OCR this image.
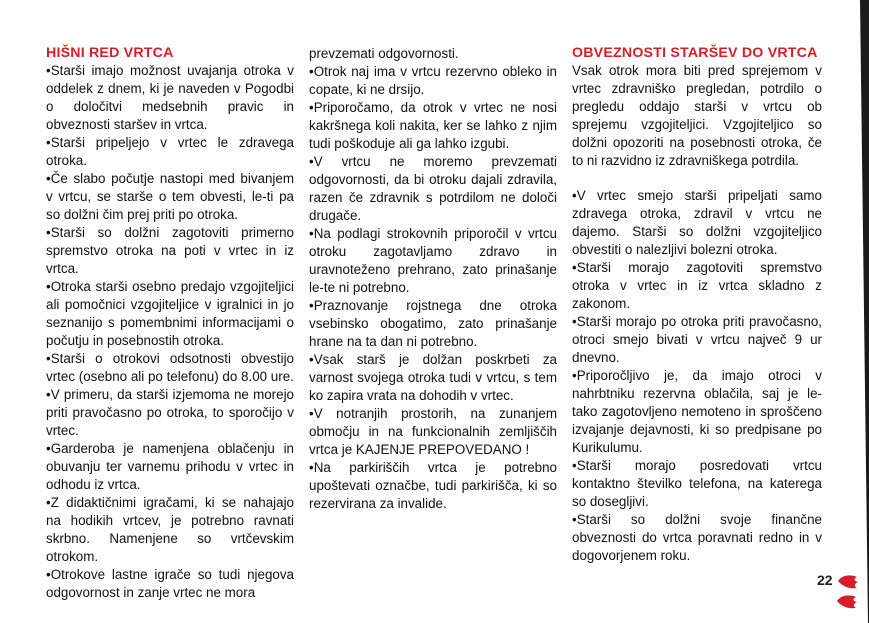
HIŠNI RED VRTCA

•Starši imajo možnost uvajanja otroka v oddelek z dnem, ki je naveden v Pogodbi o določitvi medsebnih pravic in obveznosti staršev in vrtca.

•Starši pripeljejo v vrtec le zdravega otroka.

•Če slabo počutje nastopi med bivanjem v vrtcu, se starše o tem obvesti, le-ti pa so dolžni čim prej priti po otroka.

•Starši so dolžni zagotoviti primerno spremstvo otroka na poti v vrtec in iz vrtca.

•Otroka starši osebno predajo vzgojiteljici ali pomočnici vzgojiteljice v igralnici in jo seznanijo s pomembnimi informacijami o počutju in posebnostih otroka.

•Starši o otrokovi odsotnosti obvestijo vrtec (osebno ali po telefonu) do 8.00 ure.

•V primeru, da starši izjemoma ne morejo priti pravočasno po otroka, to sporočijo v vrtec.

•Garderoba je namenjena oblačenju in obuvanju ter varnemu prihodu v vrtec in odhodu iz vrtca.

•Z didaktičnimi igračami, ki se nahajajo na hodikih vrtcev, je potrebno ravnati skrbno. Namenjene so vrtčevskim otrokom.

•Otrokove lastne igrače so tudi njegova odgovornost in zanje vrtec ne mora

prevzemati odgovornosti.

•Otrok naj ima v vrtcu rezervno obleko in copate, ki ne drsijo.

•Priporočamo, da otrok v vrtec ne nosi kakršnega koli nakita, ker se lahko z njim tudi poškoduje ali ga lahko izgubi.

•V vrtcu ne moremo prevzemati odgovornosti, da bi otroku dajali zdravila, razen če zdravnik s potrdilom ne določi drugače.

•Na podlagi strokovnih priporočil v vrtcu otroku zagotavljamo zdravo in uravnoteženo prehrano, zato prinašanje le-te ni potrebno.

•Praznovanje rojstnega dne otroka vsebinsko obogatimo, zato prinašanje hrane na ta dan ni potrebno.

•Vsak starš je dolžan poskrbeti za varnost svojega otroka tudi v vrtcu, s tem ko zapira vrata na dohodih v vrtec.

•V notranjih prostorih, na zunanjem območju in na funkcionalnih zemljiščih vrtca je KAJENJE PREPOVEDANO !

•Na parkiriščih vrtca je potrebno upoštevati označbe, tudi parkirišča, ki so rezervirana za invalide.

OBVEZNOSTI STARŠEV DO VRTCA

Vsak otrok mora biti pred sprejemom v vrtec zdravniško pregledan, potrdilo o pregledu oddajo starši v vrtcu ob sprejemu vzgojiteljici. Vzgojiteljico so dolžni opozoriti na posebnosti otroka, če to ni razvidno iz zdravniškega potrdila.

•V vrtec smejo starši pripeljati samo zdravega otroka, zdravil v vrtcu ne dajemo. Starši so dolžni vzgojiteljico obvestiti o nalezljivi bolezni otroka.

•Starši morajo zagotoviti spremstvo otroka v vrtec in iz vrtca skladno z zakonom.

•Starši morajo po otroka priti pravočasno, otroci smejo bivati v vrtcu največ 9 ur dnevno.

•Priporočljivo je, da imajo otroci v nahrbtniku rezervna oblačila, saj je le-tako zagotovljeno nemoteno in sproščeno izvajanje dejavnosti, ki so predpisane po Kurikulumu.

•Starši morajo posredovati vrtcu kontaktno številko telefona, na katerega so dosegljivi.

•Starši so dolžni svoje finančne obveznosti do vrtca poravnati redno in v dogovorjenem roku.

22
